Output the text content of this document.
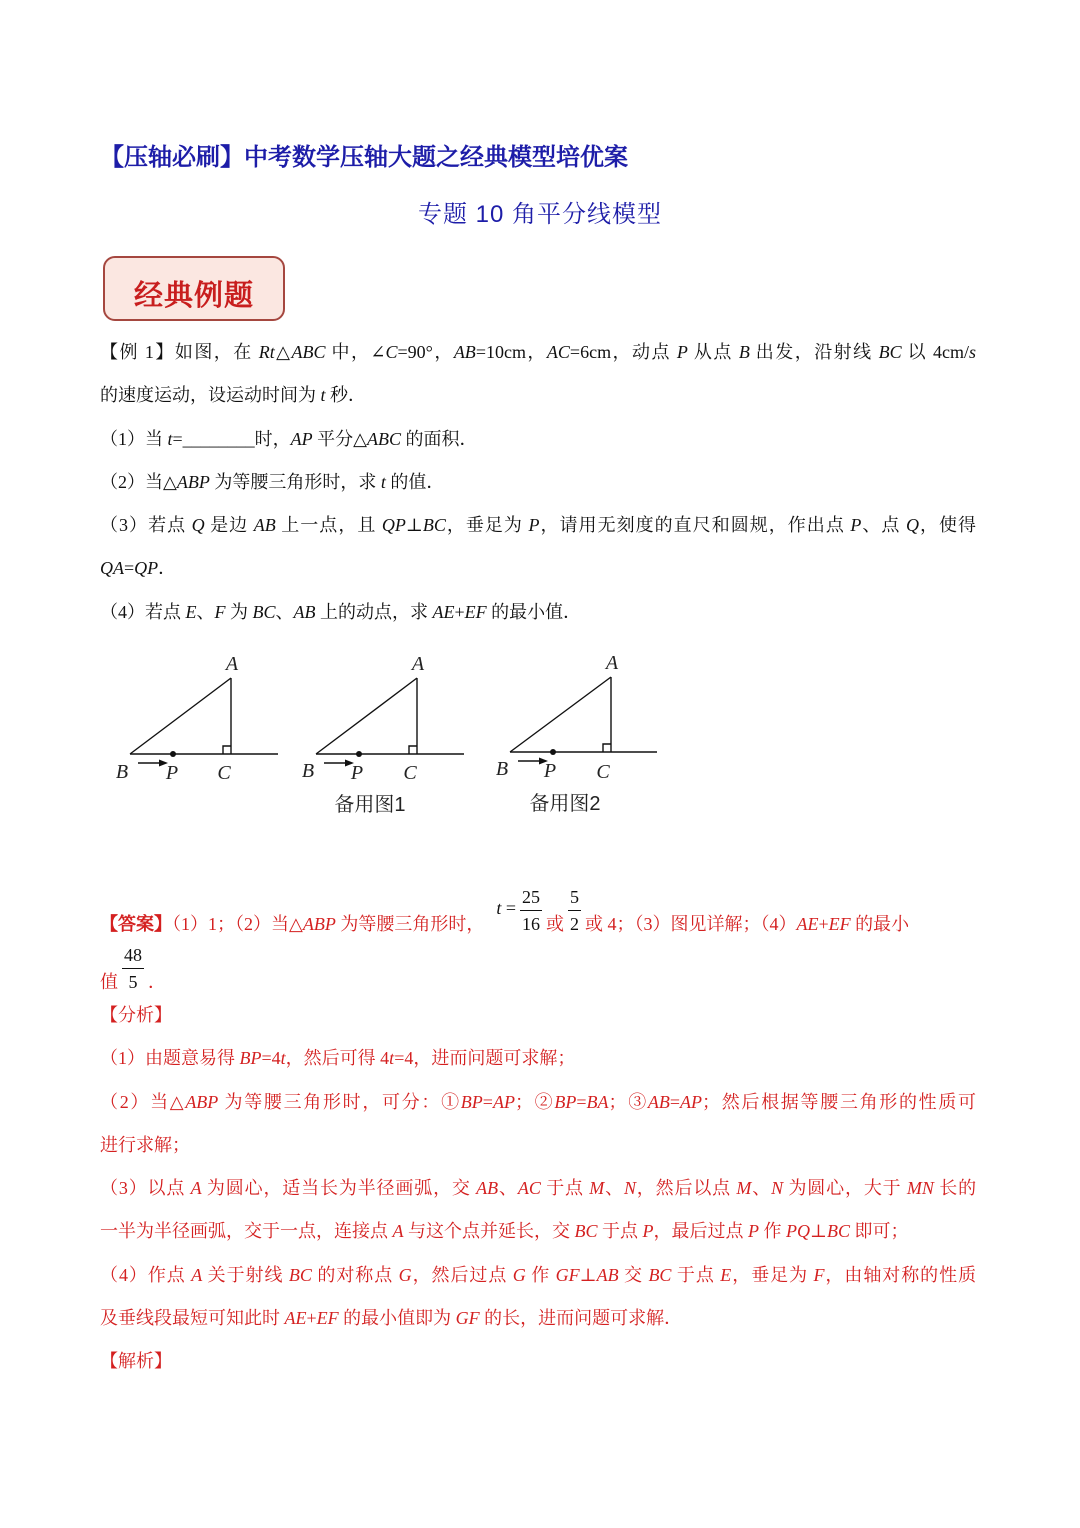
【压轴必刷】中考数学压轴大题之经典模型培优案
专题 10 角平分线模型
经典例题
【例 1】如图，在 Rt△ABC 中，∠C=90°，AB=10cm，AC=6cm，动点 P 从点 B 出发，沿射线 BC 以 4cm/s
的速度运动，设运动时间为 t 秒．
（1）当 t=________时，AP 平分△ABC 的面积．
（2）当△ABP 为等腰三角形时，求 t 的值．
（3）若点 Q 是边 AB 上一点，且 QP⊥BC，垂足为 P，请用无刻度的直尺和圆规，作出点 P、点 Q，使得
QA=QP．
（4）若点 E、F 为 BC、AB 上的动点，求 AE+EF 的最小值．
A
B P C
A
B P C
备用图1
A
B P C
备用图2
【答案】（1）1；（2）当△ABP 为等腰三角形时，$t = \frac{25}{16}$ 或 $\frac{5}{2}$ 或 4；（3）图见详解；（4）AE+EF 的最小
值 $\frac{48}{5}$ ．
【分析】
（1）由题意易得 BP=4t，然后可得 4t=4，进而问题可求解；
（2）当△ABP 为等腰三角形时，可分：①BP=AP；②BP=BA；③AB=AP；然后根据等腰三角形的性质可
进行求解；
（3）以点 A 为圆心，适当长为半径画弧，交 AB、AC 于点 M、N，然后以点 M、N 为圆心，大于 MN 长的
一半为半径画弧，交于一点，连接点 A 与这个点并延长，交 BC 于点 P，最后过点 P 作 PQ⊥BC 即可；
（4）作点 A 关于射线 BC 的对称点 G，然后过点 G 作 GF⊥AB 交 BC 于点 E，垂足为 F，由轴对称的性质
及垂线段最短可知此时 AE+EF 的最小值即为 GF 的长，进而问题可求解．
【解析】
